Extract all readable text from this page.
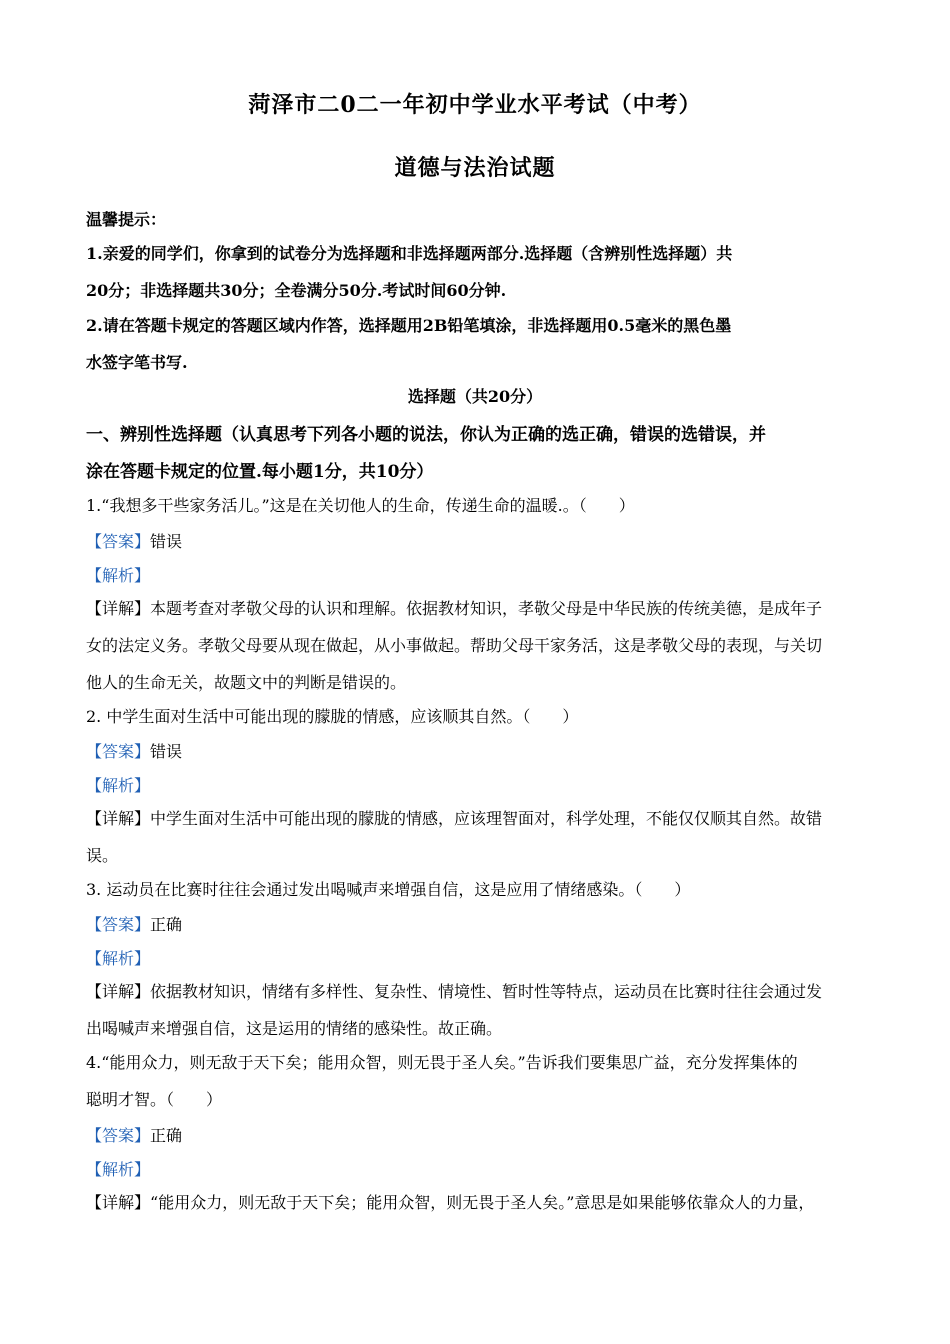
菏泽市二0二一年初中学业水平考试（中考）
道德与法治试题
温馨提示：
1.亲爱的同学们，你拿到的试卷分为选择题和非选择题两部分.选择题（含辨别性选择题）共
20分；非选择题共30分；全卷满分50分.考试时间60分钟.
2.请在答题卡规定的答题区域内作答，选择题用2B铅笔填涂，非选择题用0.5毫米的黑色墨
水签字笔书写.
选择题（共20分）
一、辨别性选择题（认真思考下列各小题的说法，你认为正确的选正确，错误的选错误，并
涂在答题卡规定的位置.每小题1分，共10分）
1.“我想多干些家务活儿。”这是在关切他人的生命，传递生命的温暖.。（　　）
【答案】错误
【解析】
【详解】本题考查对孝敬父母的认识和理解。依据教材知识，孝敬父母是中华民族的传统美德，是成年子
女的法定义务。孝敬父母要从现在做起，从小事做起。帮助父母干家务活，这是孝敬父母的表现，与关切
他人的生命无关，故题文中的判断是错误的。
2. 中学生面对生活中可能出现的朦胧的情感，应该顺其自然。（　　）
【答案】错误
【解析】
【详解】中学生面对生活中可能出现的朦胧的情感，应该理智面对，科学处理，不能仅仅顺其自然。故错
误。
3. 运动员在比赛时往往会通过发出喝喊声来增强自信，这是应用了情绪感染。（　　）
【答案】正确
【解析】
【详解】依据教材知识，情绪有多样性、复杂性、情境性、暂时性等特点，运动员在比赛时往往会通过发
出喝喊声来增强自信，这是运用的情绪的感染性。故正确。
4.“能用众力，则无敌于天下矣；能用众智，则无畏于圣人矣。”告诉我们要集思广益，充分发挥集体的
聪明才智。（　　）
【答案】正确
【解析】
【详解】“能用众力，则无敌于天下矣；能用众智，则无畏于圣人矣。”意思是如果能够依靠众人的力量，
